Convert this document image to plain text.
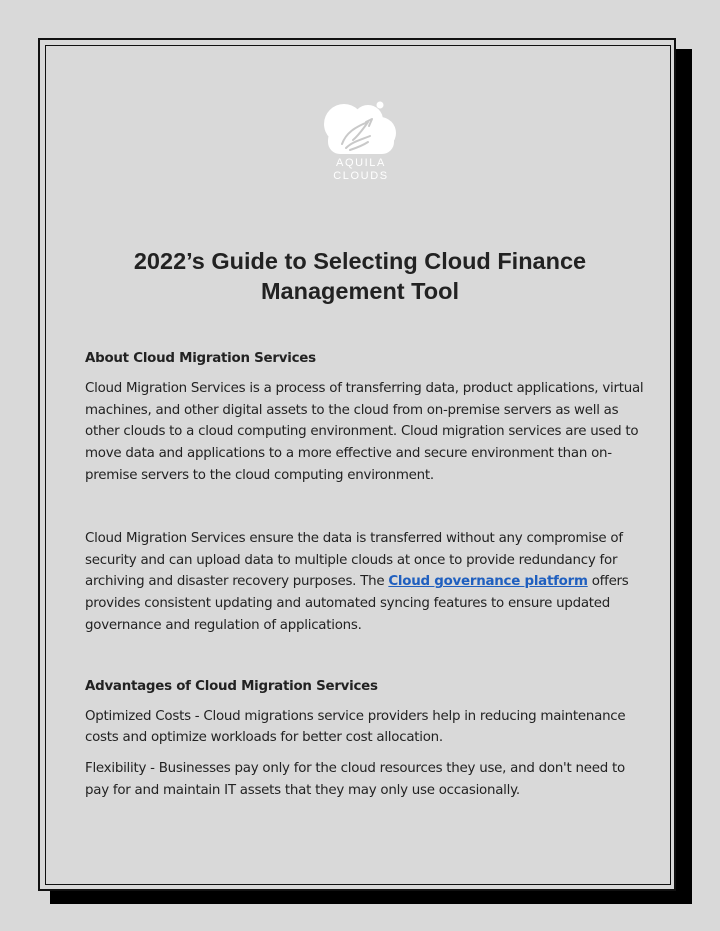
AQUILA
CLOUDS
2022’s Guide to Selecting Cloud Finance Management Tool
About Cloud Migration Services

Cloud Migration Services is a process of transferring data, product applications, virtual machines, and other digital assets to the cloud from on-premise servers as well as other clouds to a cloud computing environment. Cloud migration services are used to move data and applications to a more effective and secure environment than on-premise servers to the cloud computing environment.

Cloud Migration Services ensure the data is transferred without any compromise of security and can upload data to multiple clouds at once to provide redundancy for archiving and disaster recovery purposes. The Cloud governance platform offers provides consistent updating and automated syncing features to ensure updated governance and regulation of applications.

Advantages of Cloud Migration Services

Optimized Costs - Cloud migrations service providers help in reducing maintenance costs and optimize workloads for better cost allocation.

Flexibility - Businesses pay only for the cloud resources they use, and don't need to pay for and maintain IT assets that they may only use occasionally.
